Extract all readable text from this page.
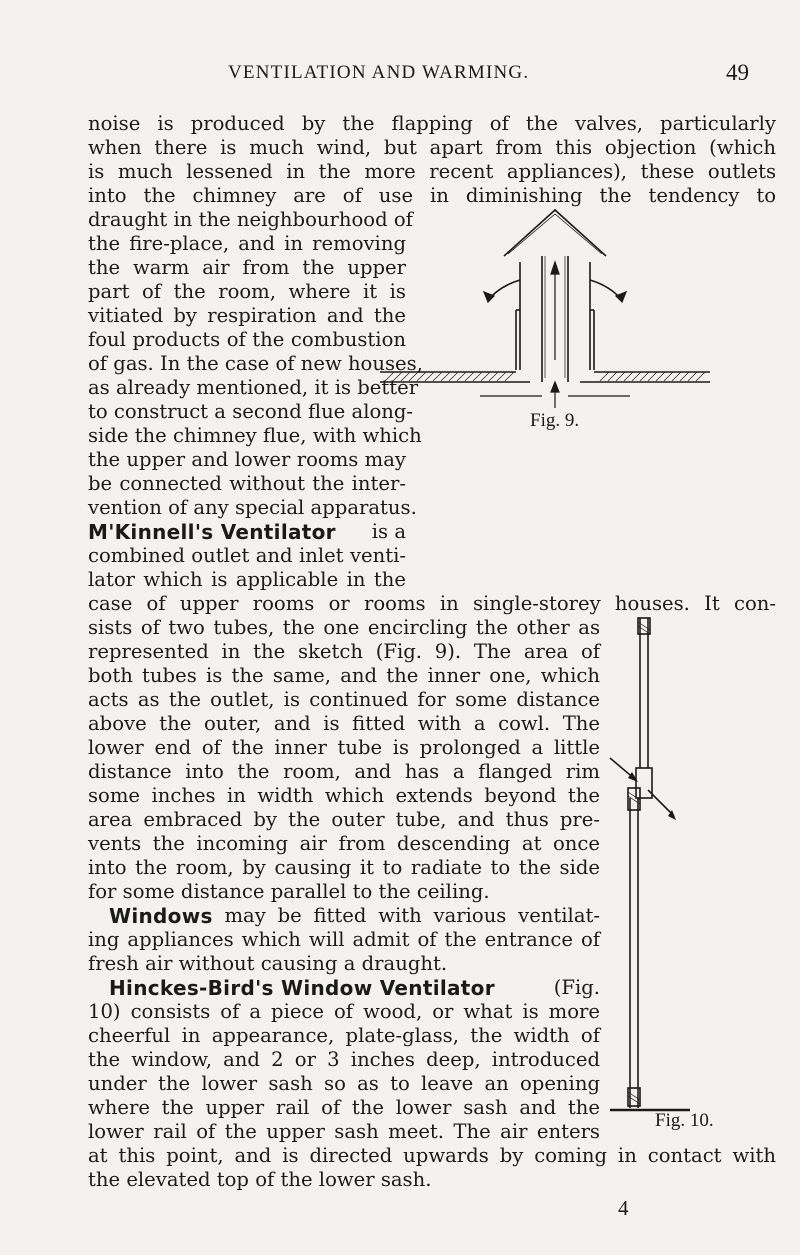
VENTILATION AND WARMING.	49
noise is produced by the flapping of the valves, particularly
when there is much wind, but apart from this objection (which
is much lessened in the more recent appliances), these outlets
into the chimney are of use in diminishing the tendency to
draught in the neighbourhood of
the fire-place, and in removing
the warm air from the upper
part of the room, where it is
vitiated by respiration and the
foul products of the combustion
of gas. In the case of new houses,
as already mentioned, it is better
to construct a second flue along-
side the chimney flue, with which
the upper and lower rooms may
be connected without the inter-
vention of any special apparatus.
M'Kinnell's Ventilator	is a
combined outlet and inlet venti-
lator which is applicable in the
case of upper rooms or rooms in single-storey houses. It con-
sists of two tubes, the one encircling the other as
represented in the sketch (Fig. 9). The area of
both tubes is the same, and the inner one, which
acts as the outlet, is continued for some distance
above the outer, and is fitted with a cowl. The
lower end of the inner tube is prolonged a little
distance into the room, and has a flanged rim
some inches in width which extends beyond the
area embraced by the outer tube, and thus pre-
vents the incoming air from descending at once
into the room, by causing it to radiate to the side
for some distance parallel to the ceiling.
Windows may be fitted with various ventilat-
ing appliances which will admit of the entrance of
fresh air without causing a draught.
Hinckes-Bird's Window Ventilator	(Fig.
10) consists of a piece of wood, or what is more
cheerful in appearance, plate-glass, the width of
the window, and 2 or 3 inches deep, introduced
under the lower sash so as to leave an opening
where the upper rail of the lower sash and the
lower rail of the upper sash meet. The air enters
at this point, and is directed upwards by coming in contact with
the elevated top of the lower sash.
Fig. 9.
Fig. 10.
4
